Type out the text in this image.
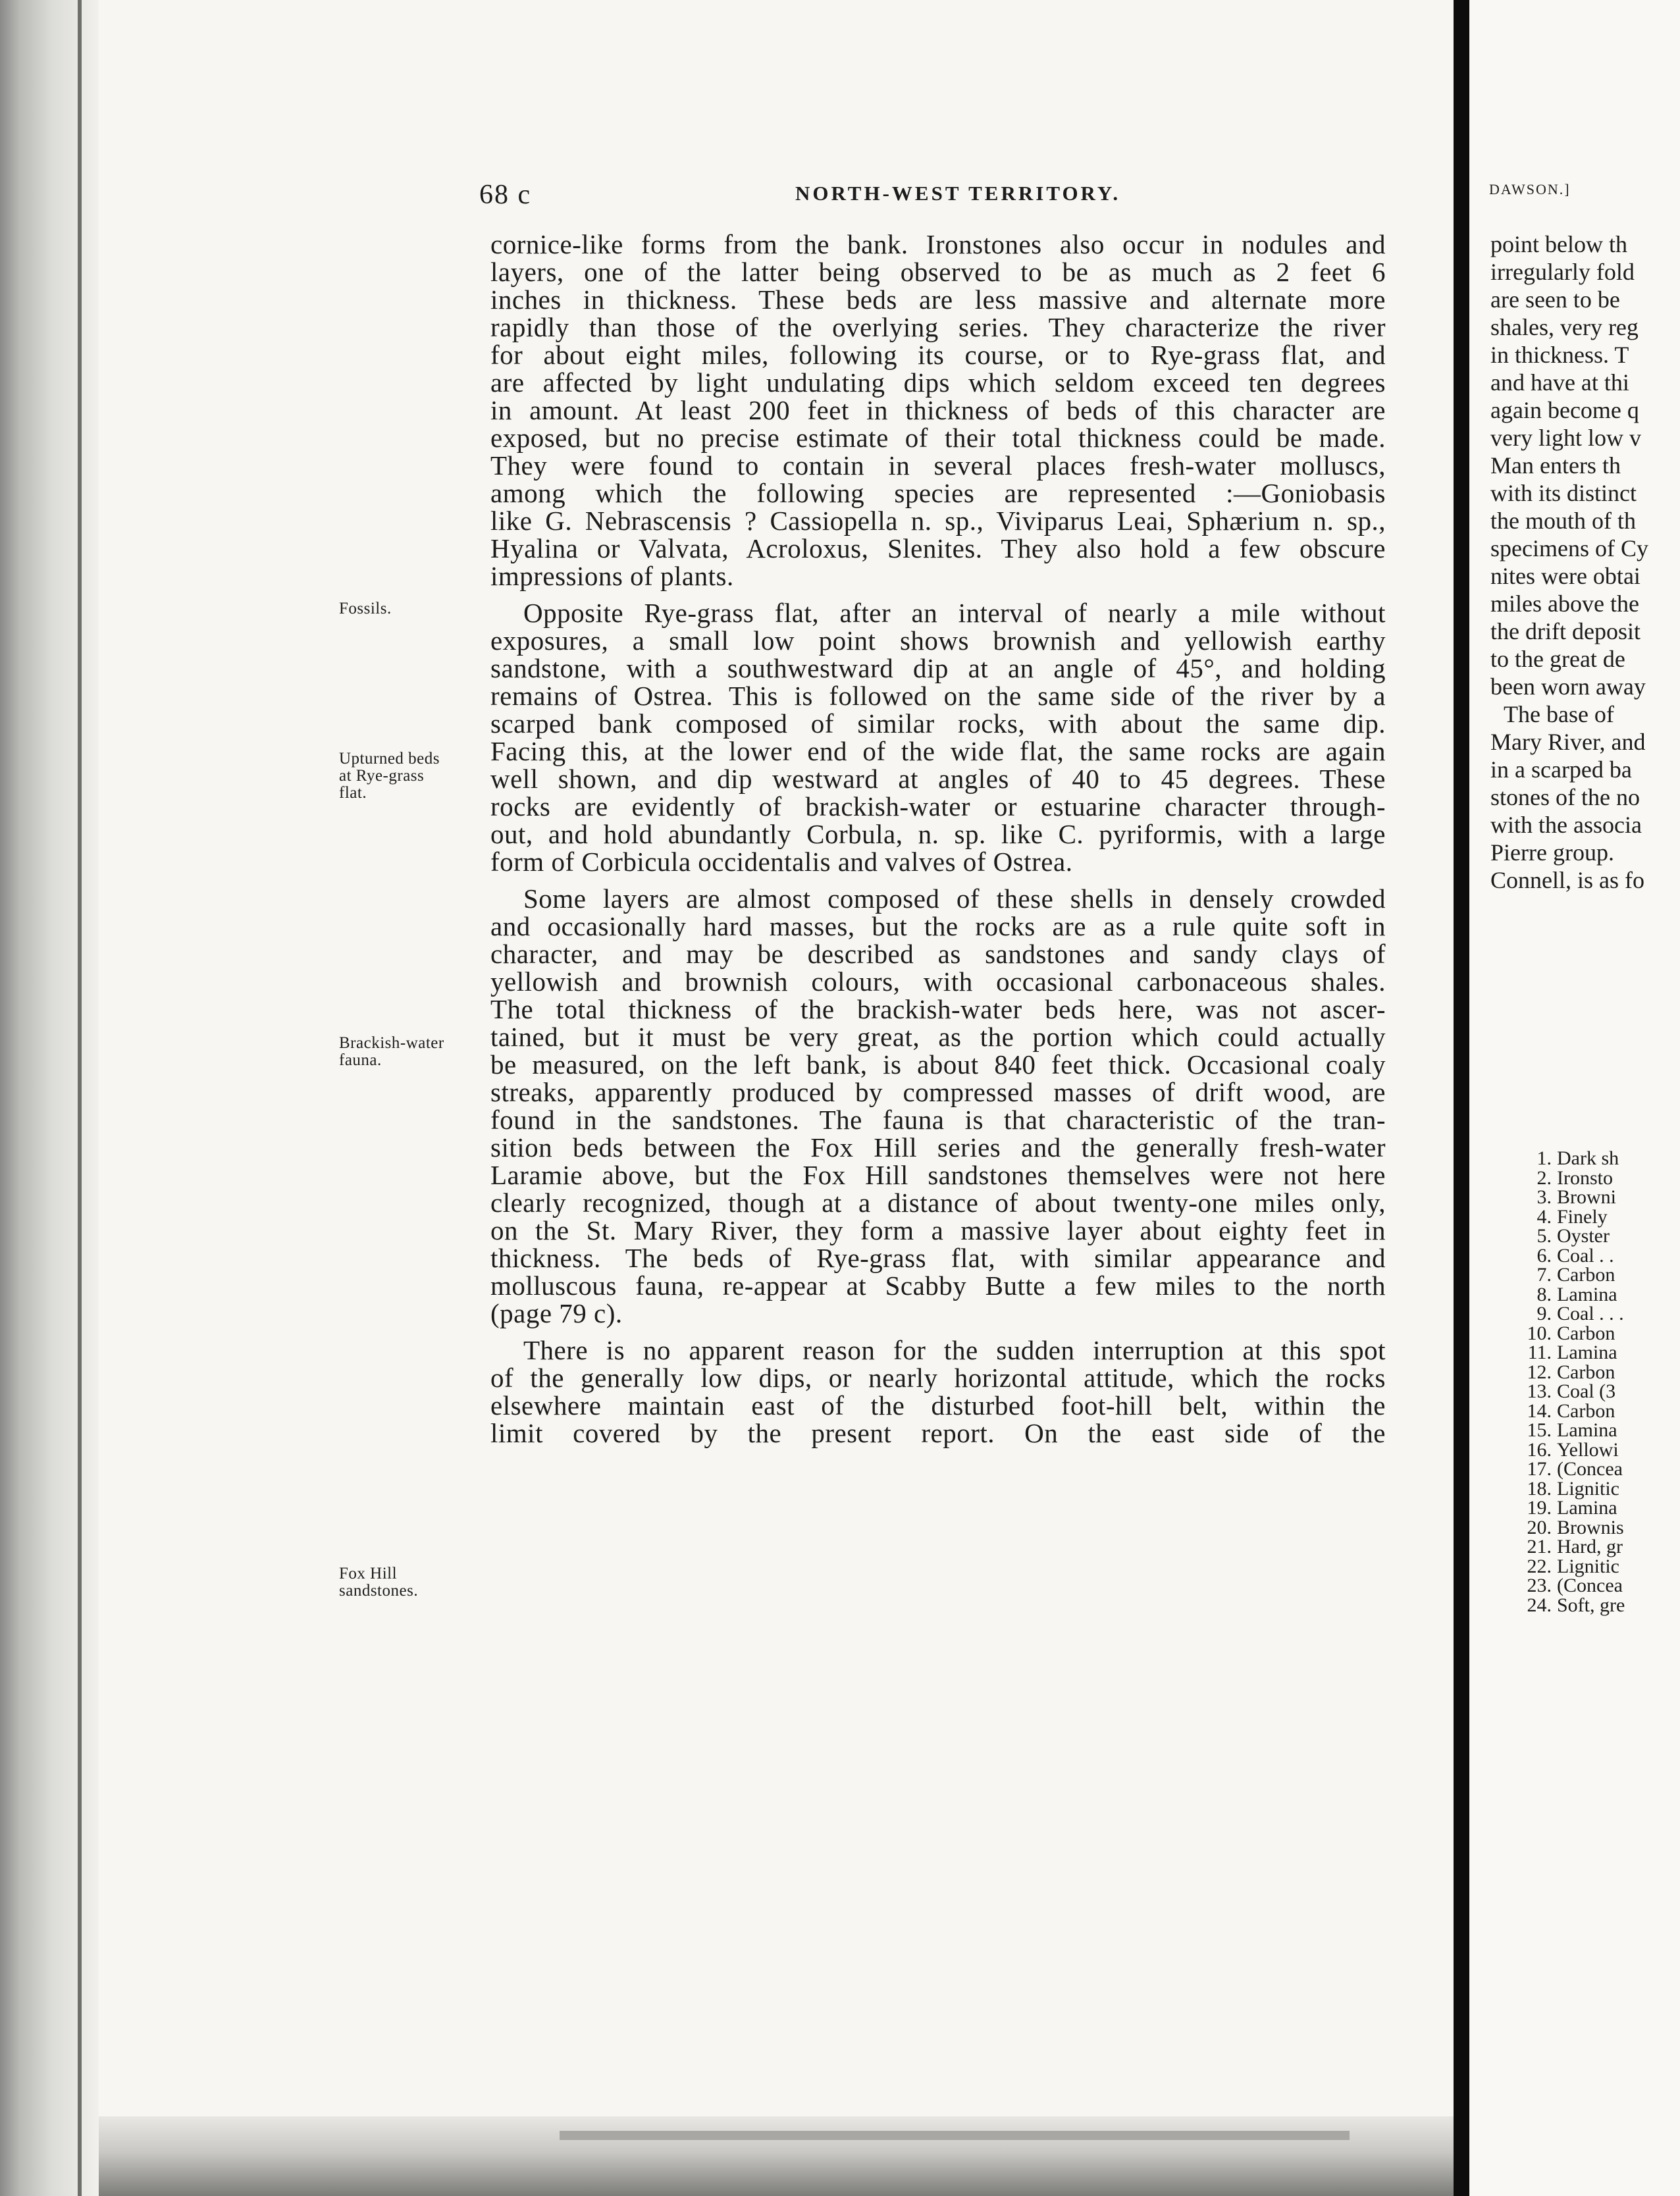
68 c	NORTH-WEST TERRITORY.
Fossils.
Upturned beds
at Rye-grass
flat.
Brackish-water
fauna.
Fox Hill
sandstones.
cornice-like forms from the bank. Ironstones also occur in nodules and
layers, one of the latter being observed to be as much as 2 feet 6
inches in thickness. These beds are less massive and alternate more
rapidly than those of the overlying series. They characterize the river
for about eight miles, following its course, or to Rye-grass flat, and
are affected by light undulating dips which seldom exceed ten degrees
in amount. At least 200 feet in thickness of beds of this character are
exposed, but no precise estimate of their total thickness could be made.
They were found to contain in several places fresh-water molluscs,
among which the following species are represented :—Goniobasis
like G. Nebrascensis ? Cassiopella n. sp., Viviparus Leai, Sphærium n. sp.,
Hyalina or Valvata, Acroloxus, Slenites. They also hold a few obscure
impressions of plants.
Opposite Rye-grass flat, after an interval of nearly a mile without
exposures, a small low point shows brownish and yellowish earthy
sandstone, with a southwestward dip at an angle of 45°, and holding
remains of Ostrea. This is followed on the same side of the river by a
scarped bank composed of similar rocks, with about the same dip.
Facing this, at the lower end of the wide flat, the same rocks are again
well shown, and dip westward at angles of 40 to 45 degrees. These
rocks are evidently of brackish-water or estuarine character through-
out, and hold abundantly Corbula, n. sp. like C. pyriformis, with a large
form of Corbicula occidentalis and valves of Ostrea.
Some layers are almost composed of these shells in densely crowded
and occasionally hard masses, but the rocks are as a rule quite soft in
character, and may be described as sandstones and sandy clays of
yellowish and brownish colours, with occasional carbonaceous shales.
The total thickness of the brackish-water beds here, was not ascer-
tained, but it must be very great, as the portion which could actually
be measured, on the left bank, is about 840 feet thick. Occasional coaly
streaks, apparently produced by compressed masses of drift wood, are
found in the sandstones. The fauna is that characteristic of the tran-
sition beds between the Fox Hill series and the generally fresh-water
Laramie above, but the Fox Hill sandstones themselves were not here
clearly recognized, though at a distance of about twenty-one miles only,
on the St. Mary River, they form a massive layer about eighty feet in
thickness. The beds of Rye-grass flat, with similar appearance and
molluscous fauna, re-appear at Scabby Butte a few miles to the north
(page 79 c).
There is no apparent reason for the sudden interruption at this spot
of the generally low dips, or nearly horizontal attitude, which the rocks
elsewhere maintain east of the disturbed foot-hill belt, within the
limit covered by the present report. On the east side of the
DAWSON.]
point below th
irregularly fold
are seen to be
shales, very reg
in thickness. T
and have at thi
again become q
very light low v
Man enters th
with its distinct
the mouth of th
specimens of Cy
nites were obtai
miles above the
the drift deposit
to the great de
been worn away
The base of
Mary River, and
in a scarped ba
stones of the no
with the associa
Pierre group.
Connell, is as fo
1. Dark sh
2. Ironsto
3. Browni
4. Finely
5. Oyster
6. Coal . .
7. Carbon
8. Lamina
9. Coal . . .
10. Carbon
11. Lamina
12. Carbon
13. Coal (3
14. Carbon
15. Lamina
16. Yellowi
17. (Concea
18. Lignitic
19. Lamina
20. Brownis
21. Hard, gr
22. Lignitic
23. (Concea
24. Soft, gre
